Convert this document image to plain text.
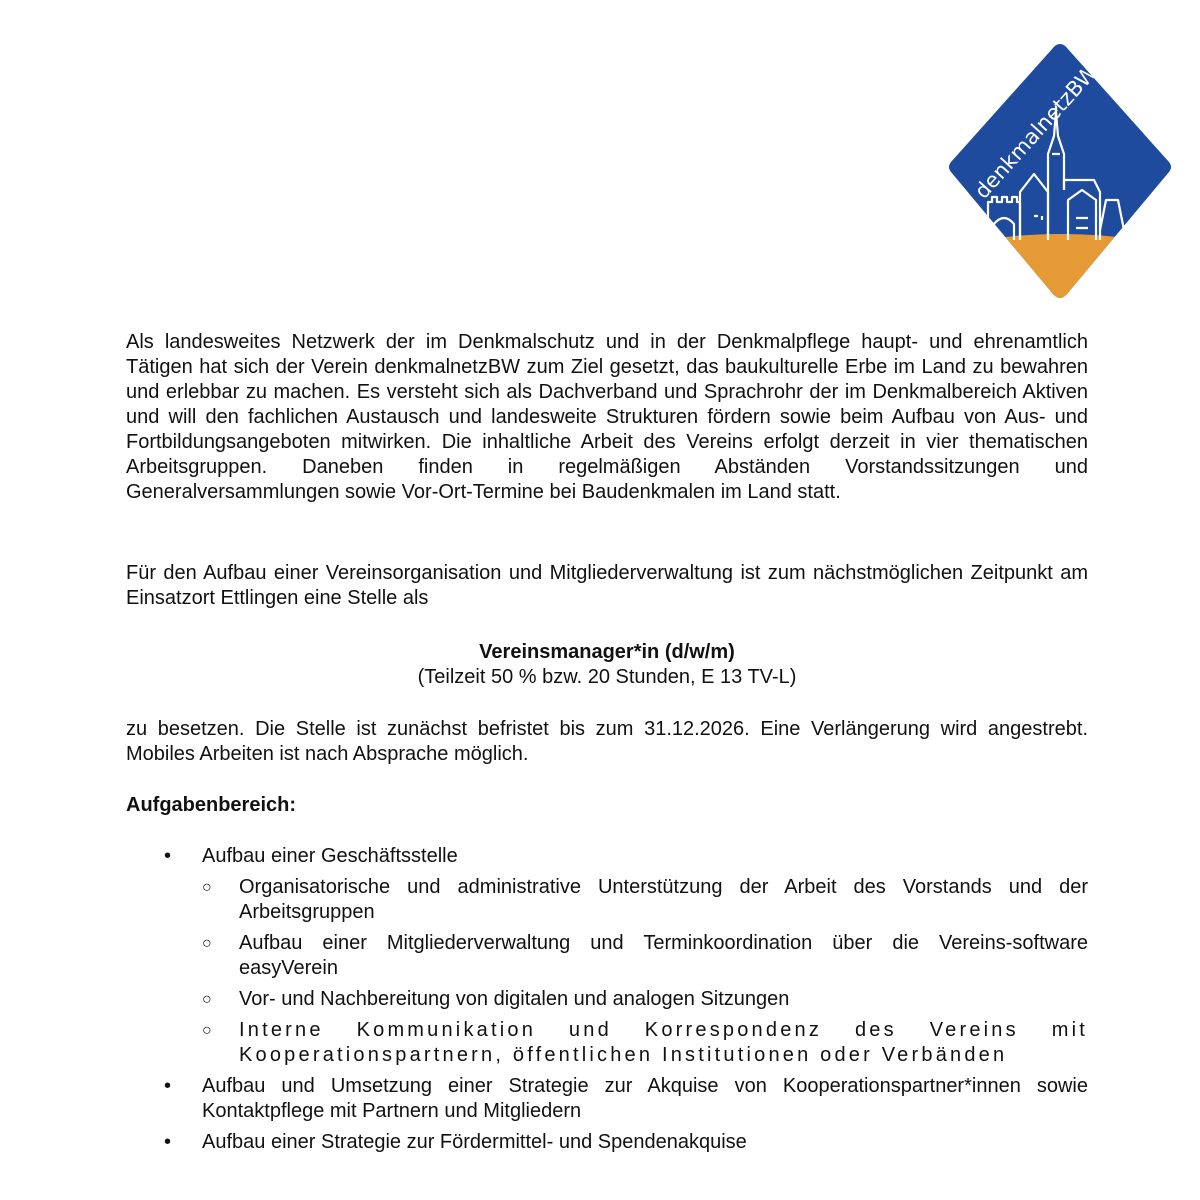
denkmalnetzBW
Als landesweites Netzwerk der im Denkmalschutz und in der Denkmalpflege haupt- und ehrenamtlich Tätigen hat sich der Verein denkmalnetzBW zum Ziel gesetzt, das baukulturelle Erbe im Land zu bewahren und erlebbar zu machen. Es versteht sich als Dachverband und Sprachrohr der im Denkmalbereich Aktiven und will den fachlichen Austausch und landesweite Strukturen fördern sowie beim Aufbau von Aus- und Fortbildungsangeboten mitwirken. Die inhaltliche Arbeit des Vereins erfolgt derzeit in vier thematischen Arbeitsgruppen. Daneben finden in regelmäßigen Abständen Vorstandssitzungen und Generalversammlungen sowie Vor-Ort-Termine bei Baudenkmalen im Land statt.
Für den Aufbau einer Vereinsorganisation und Mitgliederverwaltung ist zum nächstmöglichen Zeitpunkt am Einsatzort Ettlingen eine Stelle als
Vereinsmanager*in (d/w/m)
(Teilzeit 50 % bzw. 20 Stunden, E 13 TV-L)
zu besetzen. Die Stelle ist zunächst befristet bis zum 31.12.2026. Eine Verlängerung wird angestrebt. Mobiles Arbeiten ist nach Absprache möglich.
Aufgabenbereich:
• Aufbau einer Geschäftsstelle
○ Organisatorische und administrative Unterstützung der Arbeit des Vorstands und der Arbeitsgruppen
○ Aufbau einer Mitgliederverwaltung und Terminkoordination über die Vereins-software easyVerein
○ Vor- und Nachbereitung von digitalen und analogen Sitzungen
○ Interne Kommunikation und Korrespondenz des Vereins mit Kooperationspartnern, öffentlichen Institutionen oder Verbänden
• Aufbau und Umsetzung einer Strategie zur Akquise von Kooperationspartner*innen sowie Kontaktpflege mit Partnern und Mitgliedern
• Aufbau einer Strategie zur Fördermittel- und Spendenakquise
